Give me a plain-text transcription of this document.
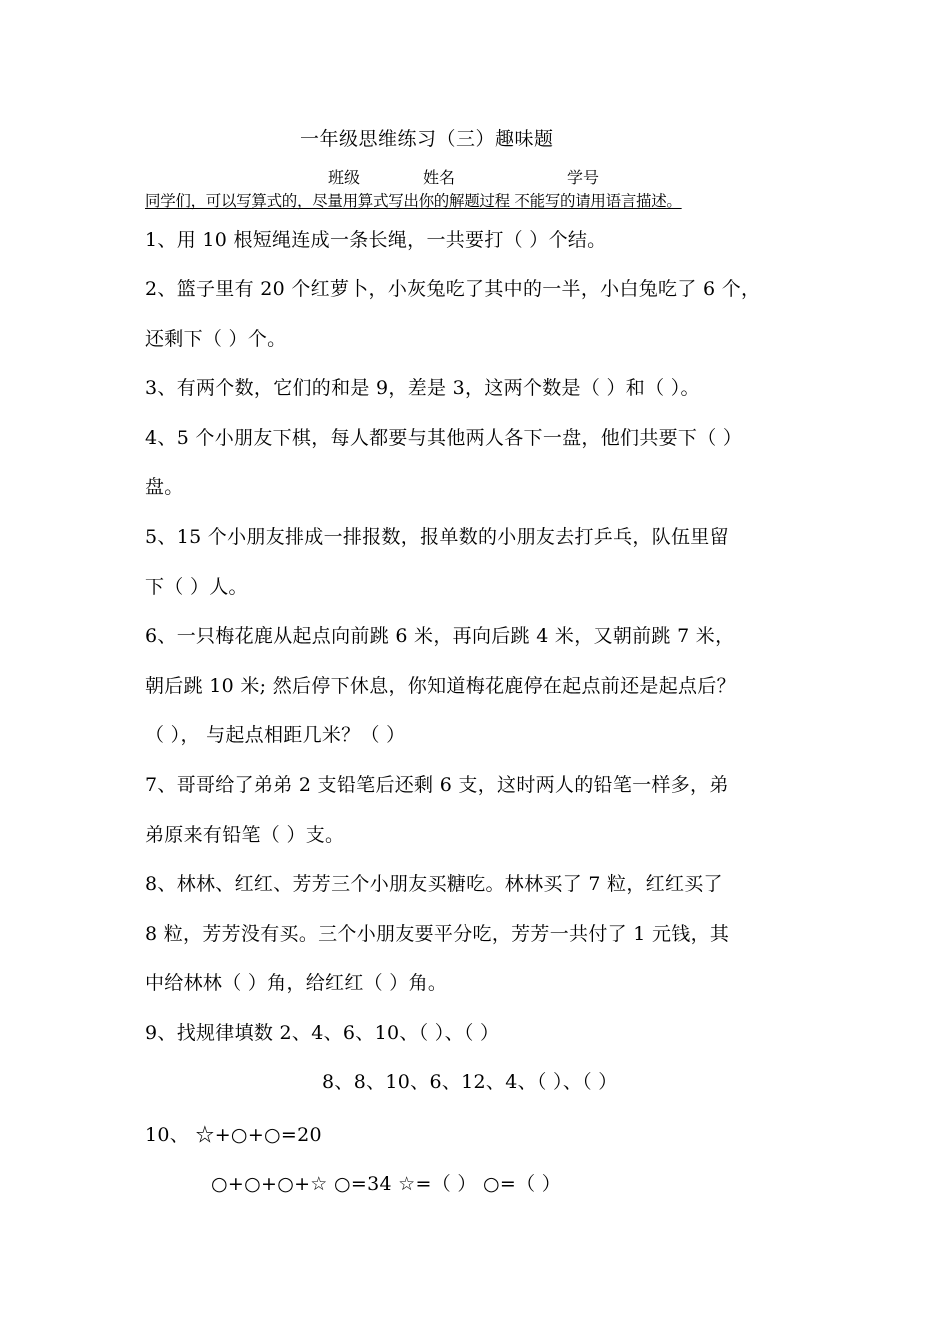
一年级思维练习（三）趣味题
班级	姓名	学号
同学们，可以写算式的，尽量用算式写出你的解题过程 不能写的请用语言描述。
1、用 10 根短绳连成一条长绳，一共要打（ ）个结。
2、篮子里有 20 个红萝卜，小灰兔吃了其中的一半，小白兔吃了 6 个，
还剩下（ ）个。
3、有两个数，它们的和是 9，差是 3，这两个数是（ ）和（ ）。
4、5 个小朋友下棋，每人都要与其他两人各下一盘，他们共要下（ ）
盘。
5、15 个小朋友排成一排报数，报单数的小朋友去打乒乓，队伍里留
下（ ）人。
6、一只梅花鹿从起点向前跳 6 米，再向后跳 4 米，又朝前跳 7 米，
朝后跳 10 米; 然后停下休息，你知道梅花鹿停在起点前还是起点后？
（ ）， 与起点相距几米？（ ）
7、哥哥给了弟弟 2 支铅笔后还剩 6 支，这时两人的铅笔一样多，弟
弟原来有铅笔（ ）支。
8、林林、红红、芳芳三个小朋友买糖吃。林林买了 7 粒，红红买了
8 粒，芳芳没有买。三个小朋友要平分吃，芳芳一共付了 1 元钱，其
中给林林（ ）角，给红红（ ）角。
9、找规律填数 2、4、6、10、（ ）、（ ）
8、8、10、6、12、4、（ ）、（ ）
10、 ☆+○+○=20
○+○+○+☆ ○=34 ☆=（ ） ○=（ ）
